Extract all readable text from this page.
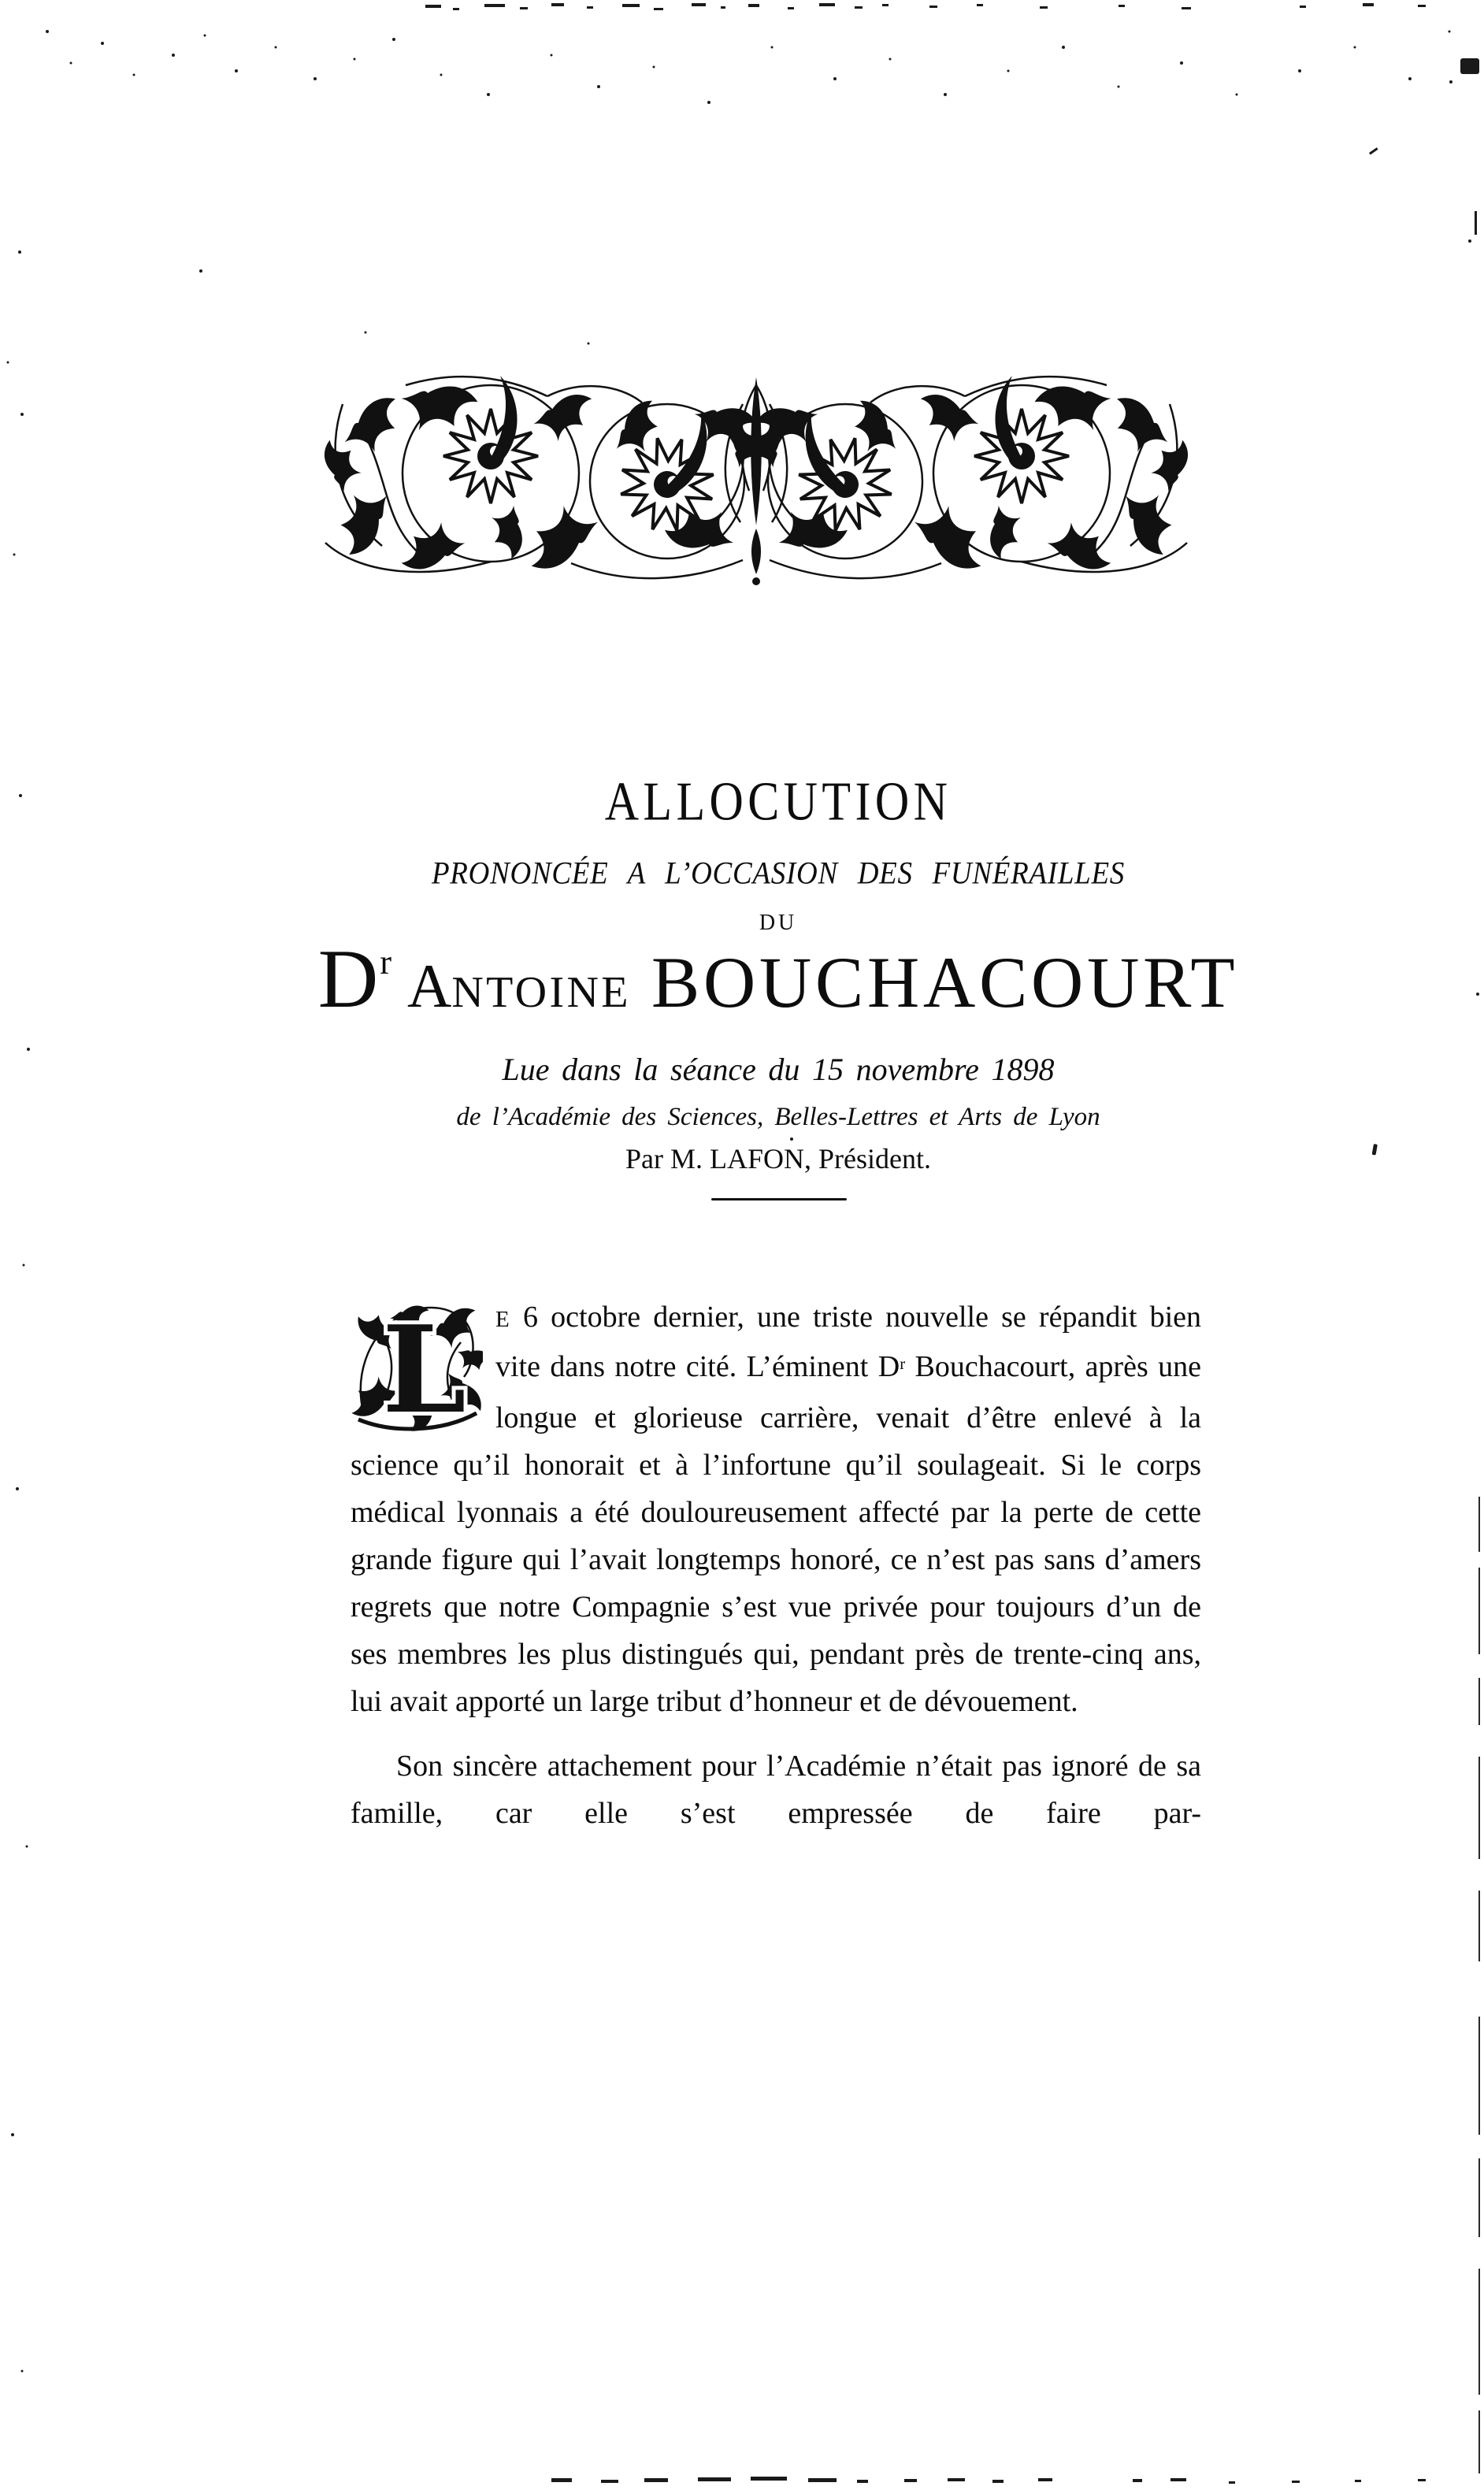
ALLOCUTION
PRONONCÉE A L’OCCASION DES FUNÉRAILLES
DU
Dr ANTOINE BOUCHACOURT
Lue dans la séance du 15 novembre 1898
de l’Académie des Sciences, Belles-Lettres et Arts de Lyon
Par M. LAFON, Président.

L E 6 octobre dernier, une triste nouvelle se répandit bien vite dans notre cité. L’éminent $D^r$ Bouchacourt, après une longue et glorieuse carrière, venait d’être enlevé à la science qu’il honorait et à l’infortune qu’il soulageait. Si le corps médical lyonnais a été douloureusement affecté par la perte de cette grande figure qui l’avait longtemps honoré, ce n’est pas sans d’amers regrets que notre Compagnie s’est vue privée pour toujours d’un de ses membres les plus distingués qui, pendant près de trente-cinq ans, lui avait apporté un large tribut d’honneur et de dévouement.

Son sincère attachement pour l’Académie n’était pas ignoré de sa famille, car elle s’est empressée de faire par-
